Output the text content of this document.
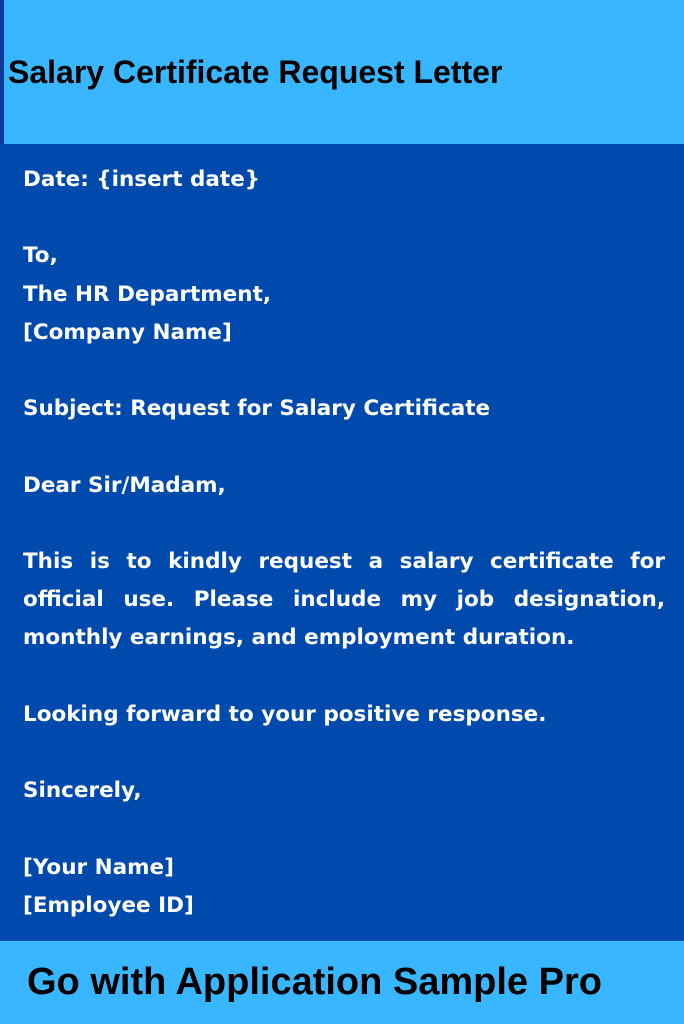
Salary Certificate Request Letter

Date: {insert date}

To,

The HR Department,

[Company Name]

Subject: Request for Salary Certificate

Dear Sir/Madam,

This is to kindly request a salary certificate for official use. Please include my job designation, monthly earnings, and employment duration.

Looking forward to your positive response.

Sincerely,

[Your Name]

[Employee ID]

Go with Application Sample Pro
